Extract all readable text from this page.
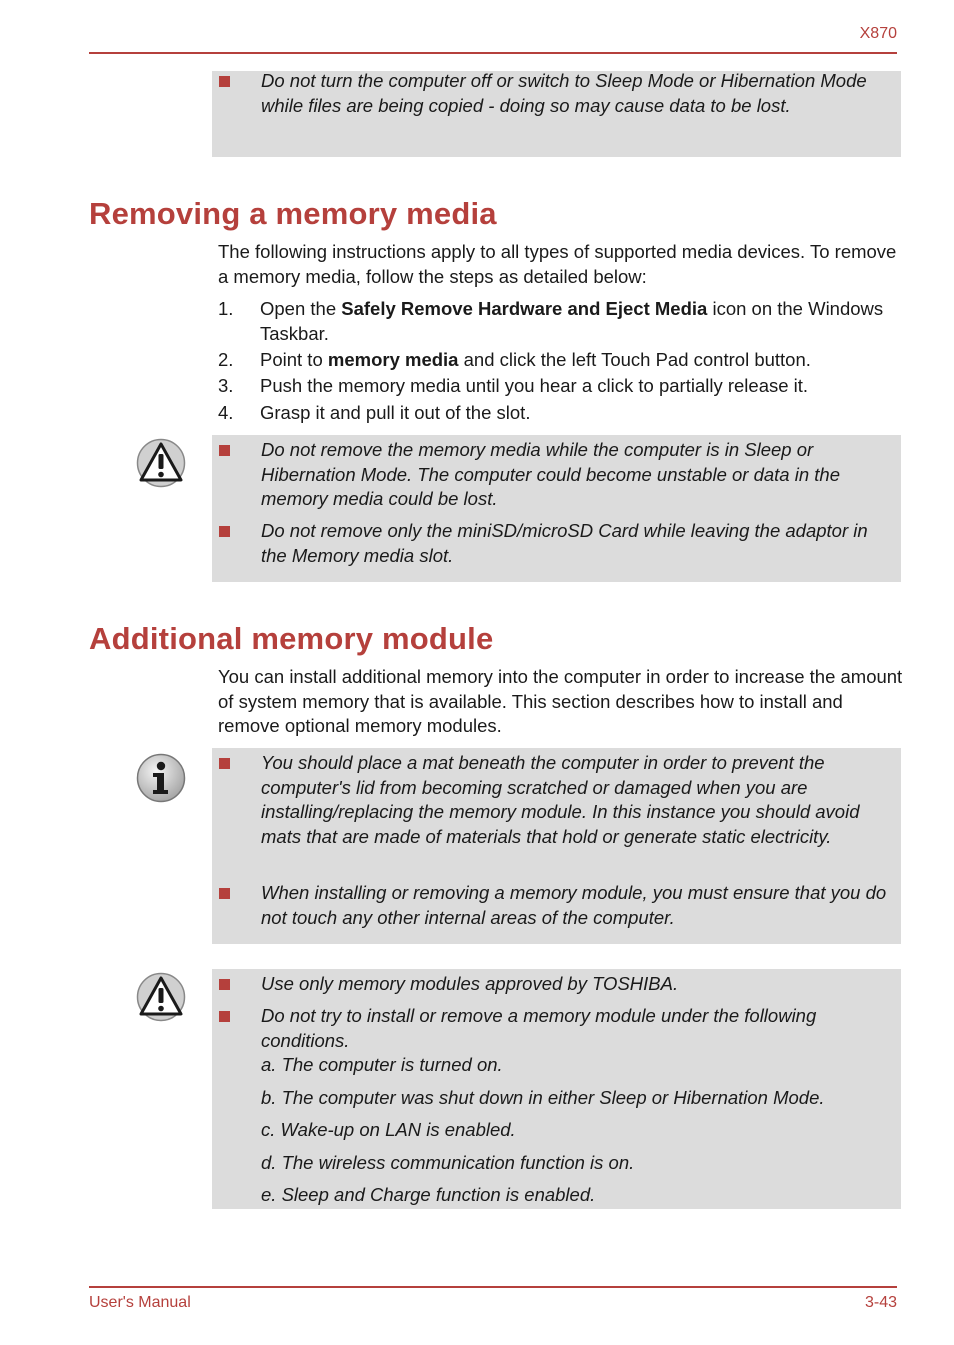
X870
Do not turn the computer off or switch to Sleep Mode or Hibernation Mode while files are being copied - doing so may cause data to be lost.
Removing a memory media
The following instructions apply to all types of supported media devices. To remove a memory media, follow the steps as detailed below:
1. Open the Safely Remove Hardware and Eject Media icon on the Windows Taskbar.
2. Point to memory media and click the left Touch Pad control button.
3. Push the memory media until you hear a click to partially release it.
4. Grasp it and pull it out of the slot.
Do not remove the memory media while the computer is in Sleep or Hibernation Mode. The computer could become unstable or data in the memory media could be lost.
Do not remove only the miniSD/microSD Card while leaving the adaptor in the Memory media slot.
Additional memory module
You can install additional memory into the computer in order to increase the amount of system memory that is available. This section describes how to install and remove optional memory modules.
You should place a mat beneath the computer in order to prevent the computer's lid from becoming scratched or damaged when you are installing/replacing the memory module. In this instance you should avoid mats that are made of materials that hold or generate static electricity.
When installing or removing a memory module, you must ensure that you do not touch any other internal areas of the computer.
Use only memory modules approved by TOSHIBA.
Do not try to install or remove a memory module under the following conditions.
a. The computer is turned on.
b. The computer was shut down in either Sleep or Hibernation Mode.
c. Wake-up on LAN is enabled.
d. The wireless communication function is on.
e. Sleep and Charge function is enabled.
User's Manual	3-43
